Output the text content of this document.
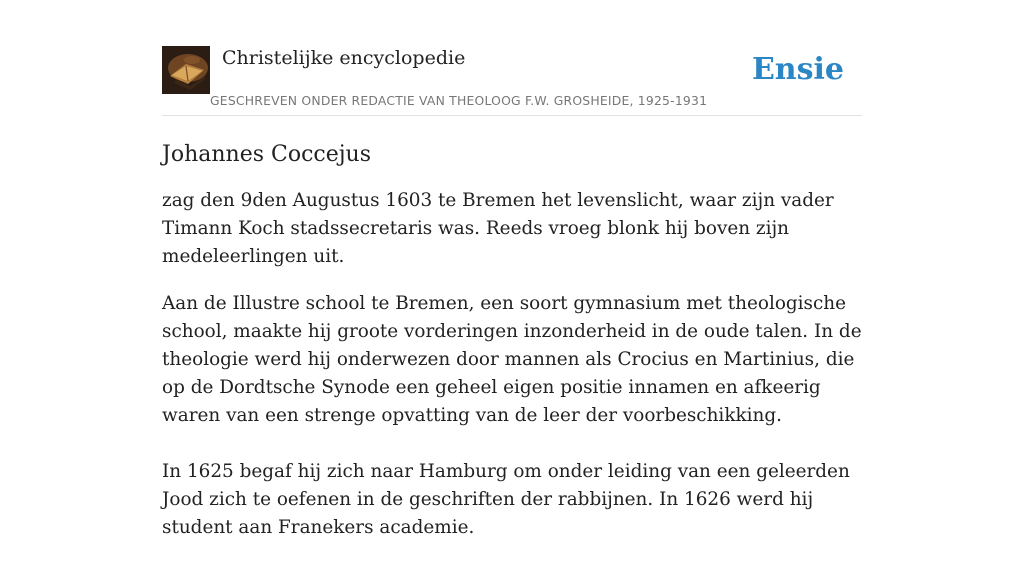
Christelijke encyclopedie
GESCHREVEN ONDER REDACTIE VAN THEOLOOG F.W. GROSHEIDE, 1925-1931
Ensie
Johannes Coccejus

zag den 9den Augustus 1603 te Bremen het levenslicht, waar zijn vader Timann Koch stadssecretaris was. Reeds vroeg blonk hij boven zijn medeleerlingen uit.

Aan de Illustre school te Bremen, een soort gymnasium met theologische school, maakte hij groote vorderingen inzonderheid in de oude talen. In de theologie werd hij onderwezen door mannen als Crocius en Martinius, die op de Dordtsche Synode een geheel eigen positie innamen en afkeerig waren van een strenge opvatting van de leer der voorbeschikking.

In 1625 begaf hij zich naar Hamburg om onder leiding van een geleerden Jood zich te oefenen in de geschriften der rabbijnen. In 1626 werd hij student aan Franekers academie.
